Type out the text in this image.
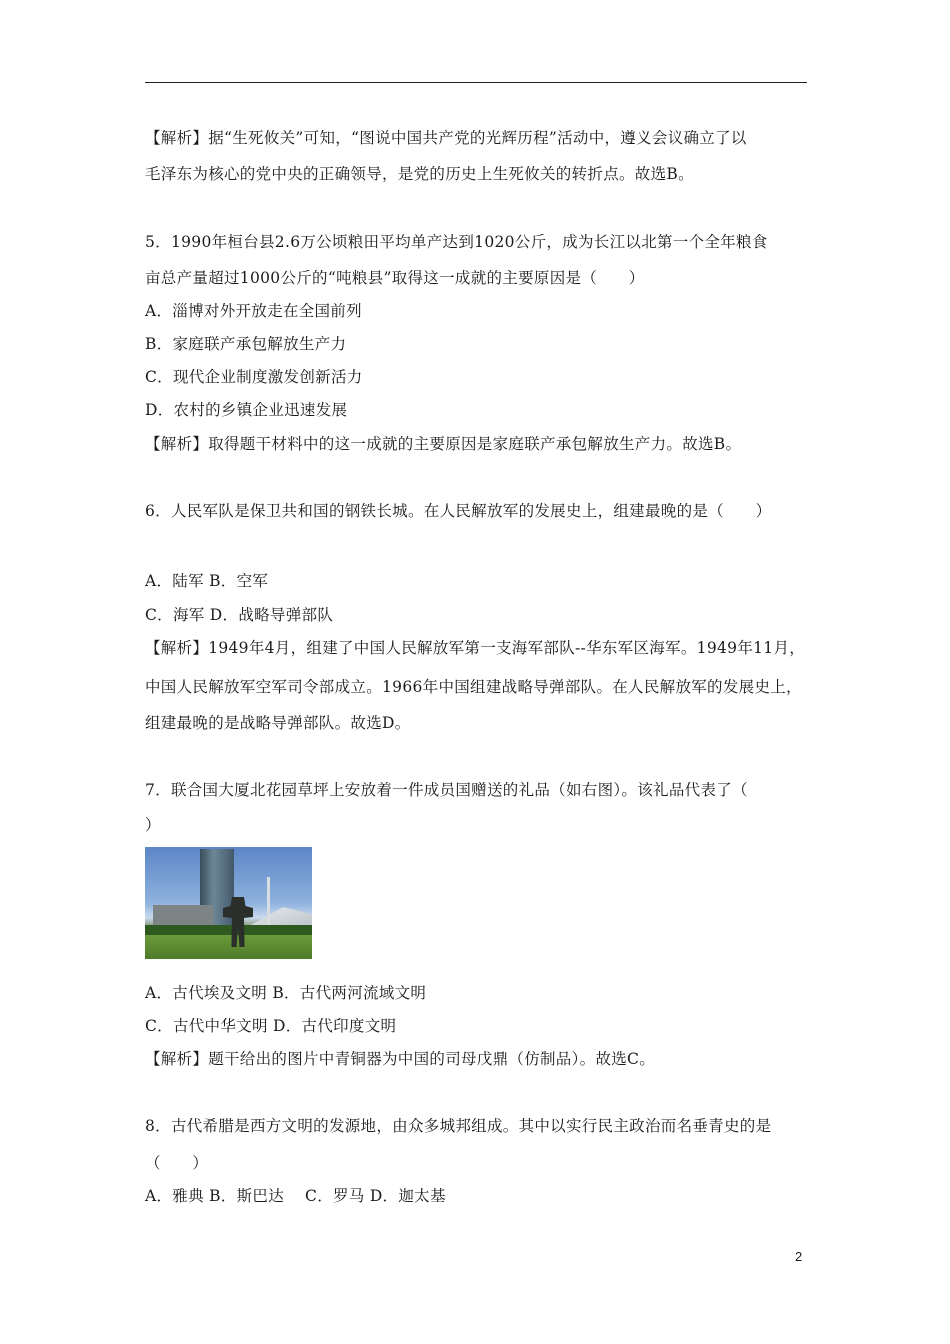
【解析】据“生死攸关”可知，“图说中国共产党的光辉历程”活动中，遵义会议确立了以
毛泽东为核心的党中央的正确领导，是党的历史上生死攸关的转折点。故选B。
5．1990年桓台县2.6万公顷粮田平均单产达到1020公斤，成为长江以北第一个全年粮食
亩总产量超过1000公斤的“吨粮县”取得这一成就的主要原因是（　　）
A．淄博对外开放走在全国前列
B．家庭联产承包解放生产力
C．现代企业制度激发创新活力
D．农村的乡镇企业迅速发展
【解析】取得题干材料中的这一成就的主要原因是家庭联产承包解放生产力。故选B。
6．人民军队是保卫共和国的钢铁长城。在人民解放军的发展史上，组建最晚的是（　　）
A．陆军 B．空军
C．海军 D．战略导弹部队
【解析】1949年4月，组建了中国人民解放军第一支海军部队--华东军区海军。1949年11月，
中国人民解放军空军司令部成立。1966年中国组建战略导弹部队。在人民解放军的发展史上，
组建最晚的是战略导弹部队。故选D。
7．联合国大厦北花园草坪上安放着一件成员国赠送的礼品（如右图）。该礼品代表了（
）
A．古代埃及文明 B．古代两河流域文明
C．古代中华文明 D．古代印度文明
【解析】题干给出的图片中青铜器为中国的司母戊鼎（仿制品）。故选C。
8．古代希腊是西方文明的发源地，由众多城邦组成。其中以实行民主政治而名垂青史的是
（　　）
A．雅典 B．斯巴达　 C．罗马 D．迦太基
2
